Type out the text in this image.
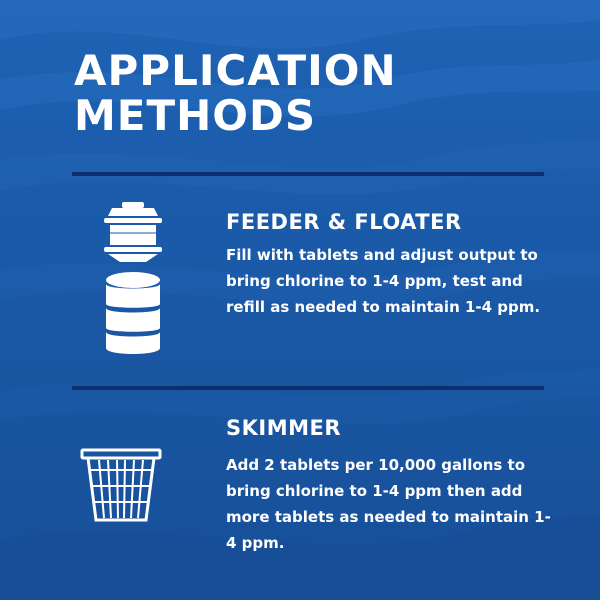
APPLICATION
METHODS
FEEDER & FLOATER

Fill with tablets and adjust output to bring chlorine to 1-4 ppm, test and refill as needed to maintain 1-4 ppm.

SKIMMER

Add 2 tablets per 10,000 gallons to bring chlorine to 1-4 ppm then add more tablets as needed to maintain 1-4 ppm.
